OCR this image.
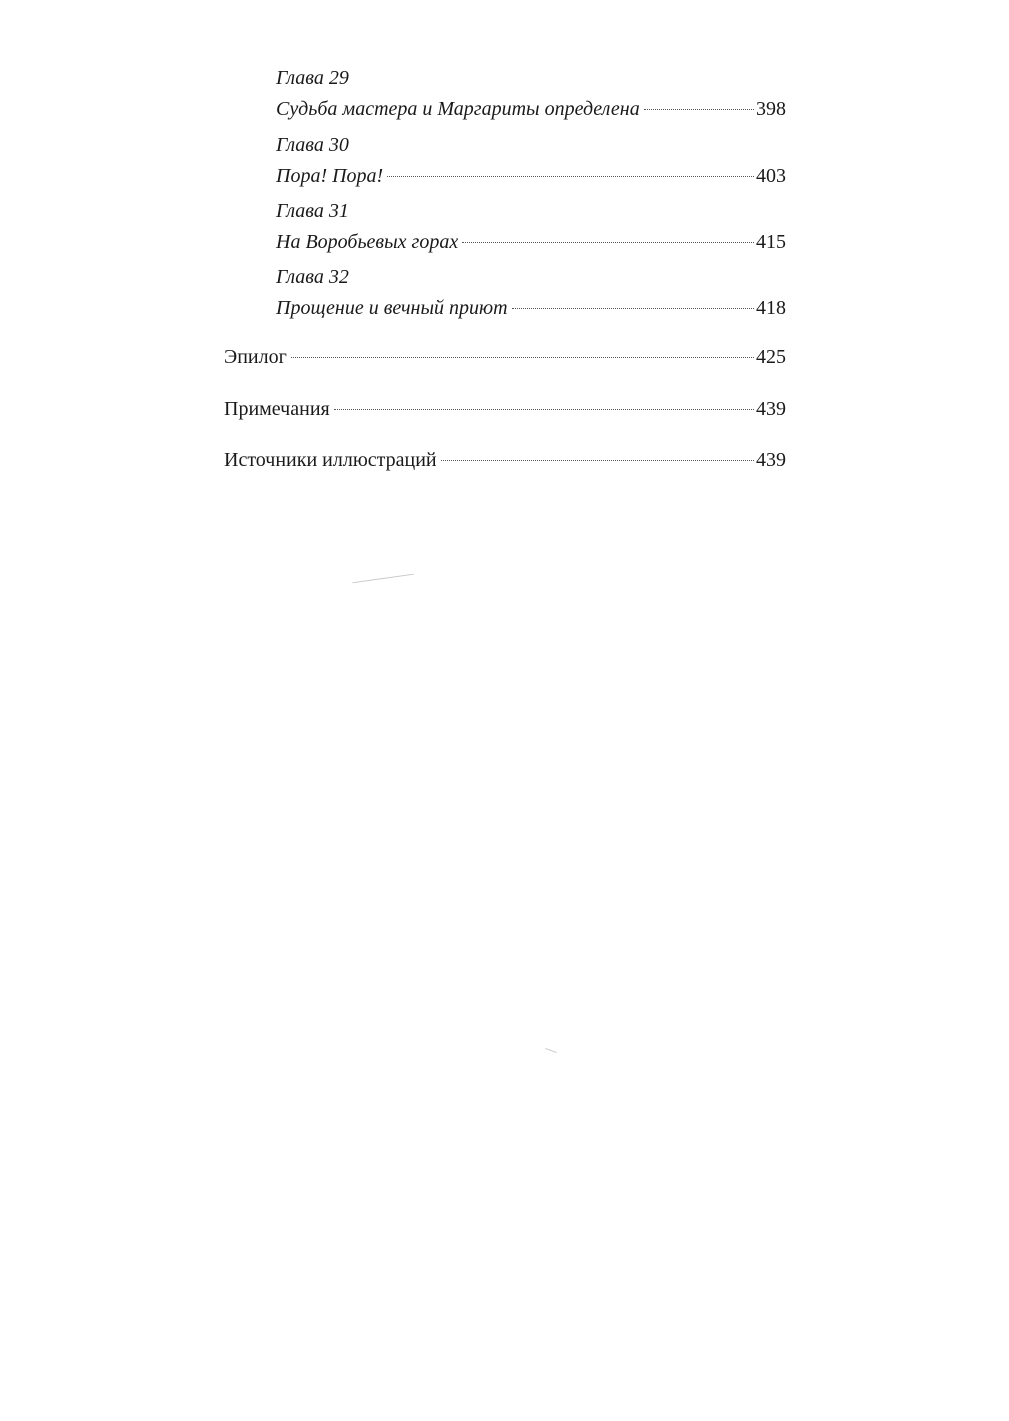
Глава 29
Судьба мастера и Маргариты определена	398
Глава 30
Пора! Пора!	403
Глава 31
На Воробьевых горах	415
Глава 32
Прощение и вечный приют	418
Эпилог	425
Примечания	439
Источники иллюстраций	439
